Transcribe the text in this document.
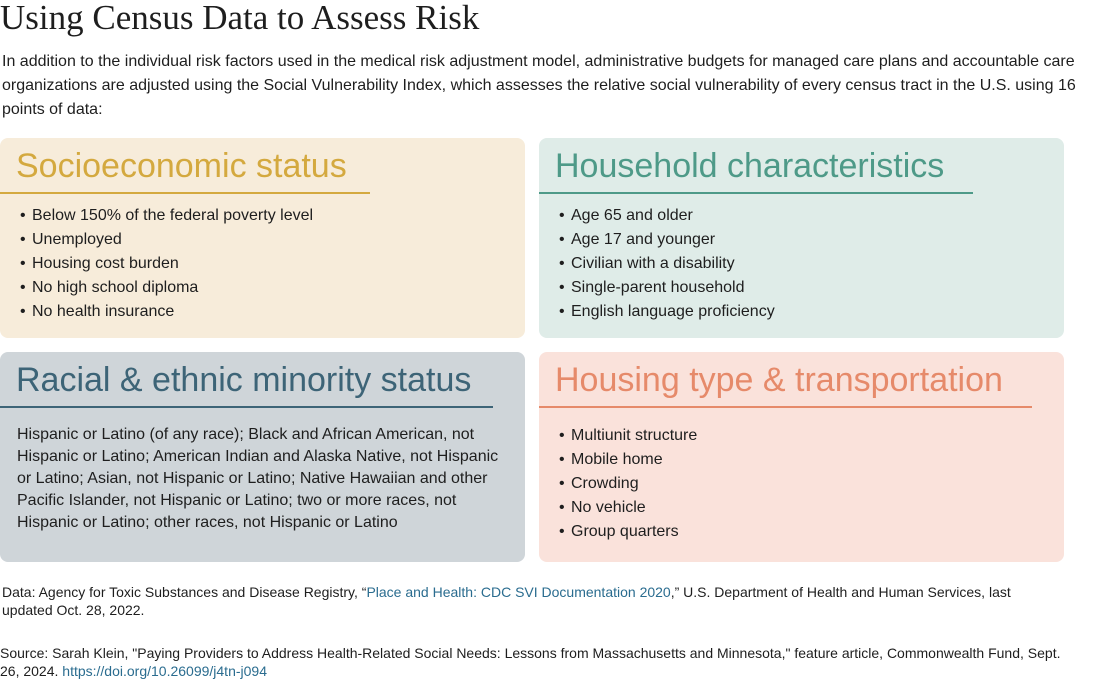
Using Census Data to Assess Risk
In addition to the individual risk factors used in the medical risk adjustment model, administrative budgets for managed care plans and accountable care organizations are adjusted using the Social Vulnerability Index, which assesses the relative social vulnerability of every census tract in the U.S. using 16 points of data:
Socioeconomic status
• Below 150% of the federal poverty level
• Unemployed
• Housing cost burden
• No high school diploma
• No health insurance
Household characteristics
• Age 65 and older
• Age 17 and younger
• Civilian with a disability
• Single-parent household
• English language proficiency
Racial & ethnic minority status
Hispanic or Latino (of any race); Black and African American, not Hispanic or Latino; American Indian and Alaska Native, not Hispanic or Latino; Asian, not Hispanic or Latino; Native Hawaiian and other Pacific Islander, not Hispanic or Latino; two or more races, not Hispanic or Latino; other races, not Hispanic or Latino
Housing type & transportation
• Multiunit structure
• Mobile home
• Crowding
• No vehicle
• Group quarters
Data: Agency for Toxic Substances and Disease Registry, “Place and Health: CDC SVI Documentation 2020,” U.S. Department of Health and Human Services, last updated Oct. 28, 2022.
Source: Sarah Klein, "Paying Providers to Address Health-Related Social Needs: Lessons from Massachusetts and Minnesota," feature article, Commonwealth Fund, Sept. 26, 2024. https://doi.org/10.26099/j4tn-j094
